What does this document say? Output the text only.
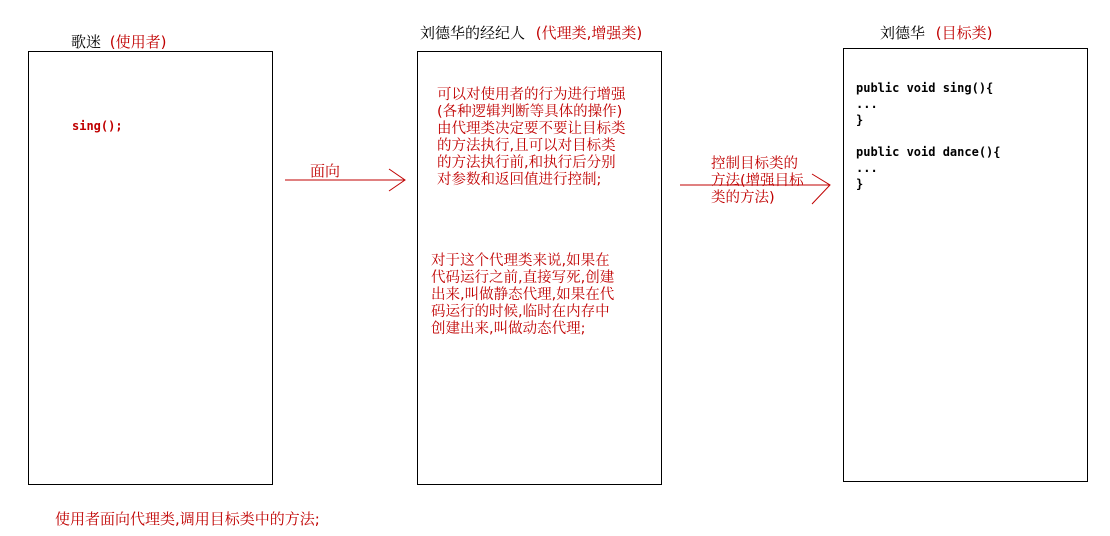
歌迷 (使用者)
sing();
面向
刘德华的经纪人 (代理类,增强类)
可以对使用者的行为进行增强
(各种逻辑判断等具体的操作)
由代理类决定要不要让目标类
的方法执行,且可以对目标类
的方法执行前,和执行后分别
对参数和返回值进行控制;
对于这个代理类来说,如果在
代码运行之前,直接写死,创建
出来,叫做静态代理,如果在代
码运行的时候,临时在内存中
创建出来,叫做动态代理;
控制目标类的
方法(增强目标
类的方法)
刘德华 (目标类)
public void sing(){
...
}
public void dance(){
...
}
使用者面向代理类,调用目标类中的方法;
